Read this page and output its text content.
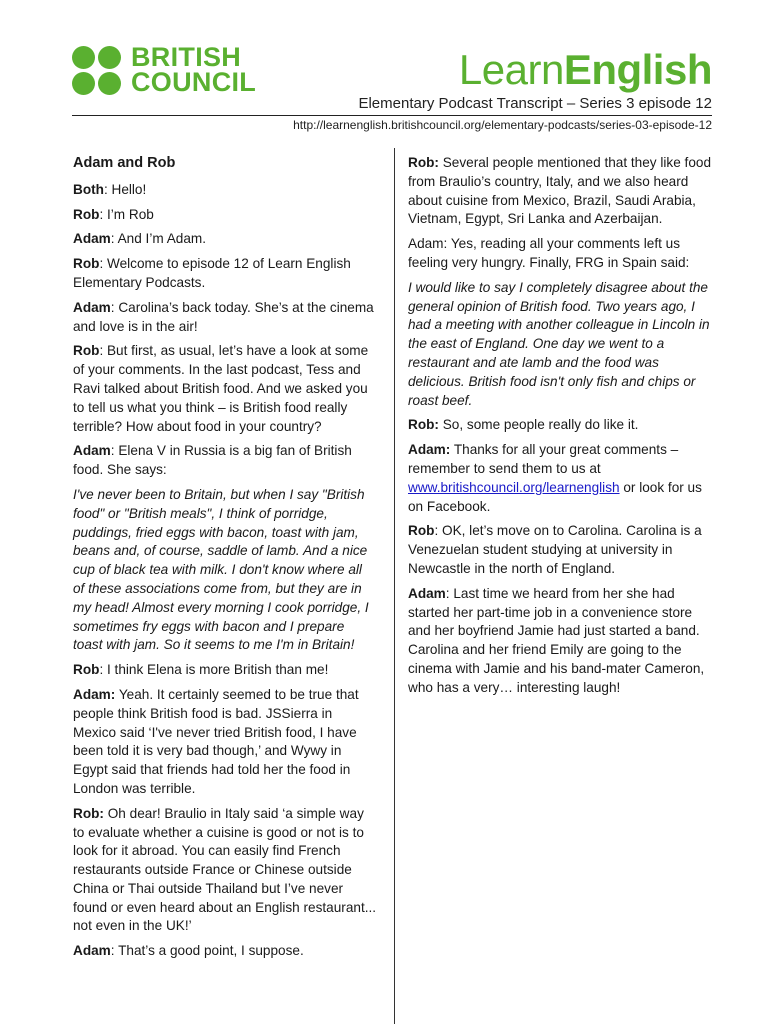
BRITISH
COUNCIL	LearnEnglish
Elementary Podcast Transcript – Series 3 episode 12
http://learnenglish.britishcouncil.org/elementary-podcasts/series-03-episode-12

Adam and Rob

Both: Hello!

Rob: I’m Rob

Adam: And I’m Adam.

Rob: Welcome to episode 12 of Learn English Elementary Podcasts.

Adam: Carolina’s back today. She’s at the cinema and love is in the air!

Rob: But first, as usual, let’s have a look at some of your comments. In the last podcast, Tess and Ravi talked about British food. And we asked you to tell us what you think – is British food really terrible? How about food in your country?

Adam: Elena V in Russia is a big fan of British food. She says:

I've never been to Britain, but when I say "British food" or "British meals", I think of porridge, puddings, fried eggs with bacon, toast with jam, beans and, of course, saddle of lamb. And a nice cup of black tea with milk. I don't know where all of these associations come from, but they are in my head! Almost every morning I cook porridge, I sometimes fry eggs with bacon and I prepare toast with jam. So it seems to me I'm in Britain!

Rob: I think Elena is more British than me!

Adam: Yeah. It certainly seemed to be true that people think British food is bad. JSSierra in Mexico said ‘I've never tried British food, I have been told it is very bad though,’ and Wywy in Egypt said that friends had told her the food in London was terrible.

Rob: Oh dear! Braulio in Italy said ‘a simple way to evaluate whether a cuisine is good or not is to look for it abroad. You can easily find French restaurants outside France or Chinese outside China or Thai outside Thailand but I’ve never found or even heard about an English restaurant... not even in the UK!’

Adam: That’s a good point, I suppose.

Rob: Several people mentioned that they like food from Braulio’s country, Italy, and we also heard about cuisine from Mexico, Brazil, Saudi Arabia, Vietnam, Egypt, Sri Lanka and Azerbaijan.

Adam: Yes, reading all your comments left us feeling very hungry. Finally, FRG in Spain said:

I would like to say I completely disagree about the general opinion of British food. Two years ago, I had a meeting with another colleague in Lincoln in the east of England. One day we went to a restaurant and ate lamb and the food was delicious. British food isn't only fish and chips or roast beef.

Rob: So, some people really do like it.

Adam: Thanks for all your great comments – remember to send them to us at www.britishcouncil.org/learnenglish or look for us on Facebook.

Rob: OK, let’s move on to Carolina. Carolina is a Venezuelan student studying at university in Newcastle in the north of England.

Adam: Last time we heard from her she had started her part-time job in a convenience store and her boyfriend Jamie had just started a band. Carolina and her friend Emily are going to the cinema with Jamie and his band-mater Cameron, who has a very… interesting laugh!
